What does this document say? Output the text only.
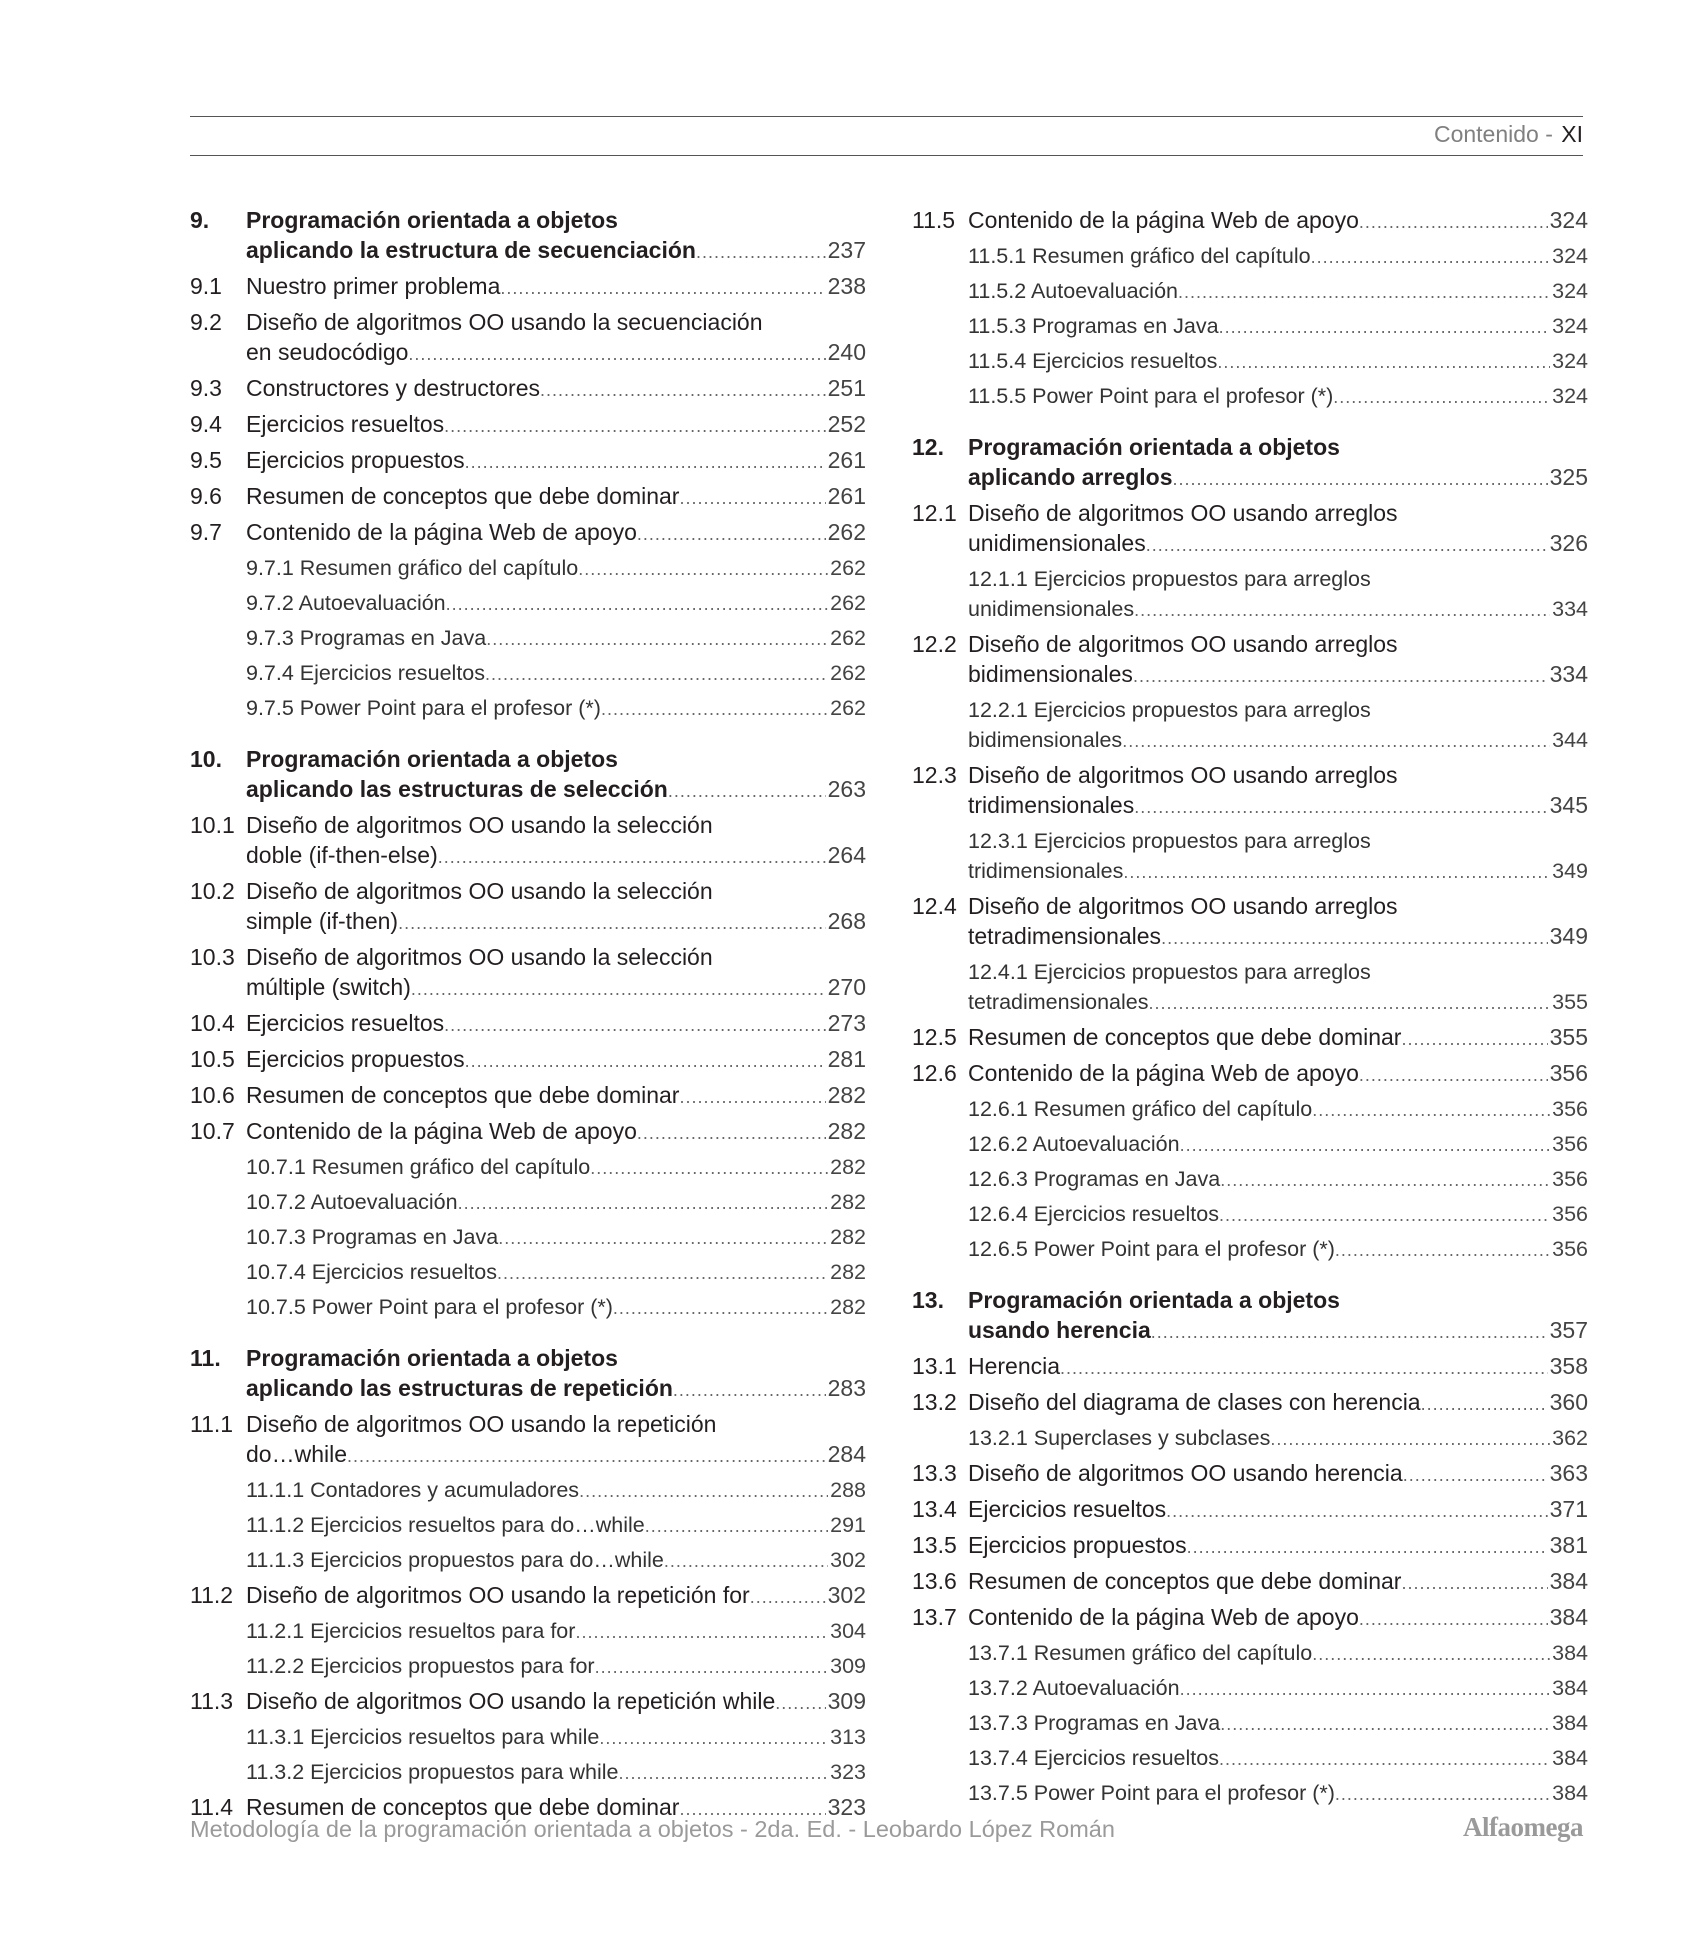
Contenido - XI
9. Programación orientada a objetos
aplicando la estructura de secuenciación .....	237
9.1 Nuestro primer problema .....	238
9.2 Diseño de algoritmos OO usando la secuenciación
en seudocódigo .....	240
9.3 Constructores y destructores .....	251
9.4 Ejercicios resueltos .....	252
9.5 Ejercicios propuestos .....	261
9.6 Resumen de conceptos que debe dominar .....	261
9.7 Contenido de la página Web de apoyo .....	262
9.7.1 Resumen gráfico del capítulo .....	262
9.7.2 Autoevaluación .....	262
9.7.3 Programas en Java .....	262
9.7.4 Ejercicios resueltos .....	262
9.7.5 Power Point para el profesor (*) .....	262
10. Programación orientada a objetos
aplicando las estructuras de selección .....	263
10.1 Diseño de algoritmos OO usando la selección
doble (if-then-else) .....	264
10.2 Diseño de algoritmos OO usando la selección
simple (if-then) .....	268
10.3 Diseño de algoritmos OO usando la selección
múltiple (switch) .....	270
10.4 Ejercicios resueltos .....	273
10.5 Ejercicios propuestos .....	281
10.6 Resumen de conceptos que debe dominar .....	282
10.7 Contenido de la página Web de apoyo .....	282
10.7.1 Resumen gráfico del capítulo .....	282
10.7.2 Autoevaluación .....	282
10.7.3 Programas en Java .....	282
10.7.4 Ejercicios resueltos .....	282
10.7.5 Power Point para el profesor (*) .....	282
11. Programación orientada a objetos
aplicando las estructuras de repetición .....	283
11.1 Diseño de algoritmos OO usando la repetición
do…while .....	284
11.1.1 Contadores y acumuladores .....	288
11.1.2 Ejercicios resueltos para do…while .....	291
11.1.3 Ejercicios propuestos para do…while .....	302
11.2 Diseño de algoritmos OO usando la repetición for .....	302
11.2.1 Ejercicios resueltos para for .....	304
11.2.2 Ejercicios propuestos para for .....	309
11.3 Diseño de algoritmos OO usando la repetición while ..... 309
11.3.1 Ejercicios resueltos para while .....	313
11.3.2 Ejercicios propuestos para while .....	323
11.4 Resumen de conceptos que debe dominar .....	323
11.5 Contenido de la página Web de apoyo .....	324
11.5.1 Resumen gráfico del capítulo .....	324
11.5.2 Autoevaluación .....	324
11.5.3 Programas en Java .....	324
11.5.4 Ejercicios resueltos .....	324
11.5.5 Power Point para el profesor (*) .....	324
12. Programación orientada a objetos
aplicando arreglos .....	325
12.1 Diseño de algoritmos OO usando arreglos
unidimensionales .....	326
12.1.1 Ejercicios propuestos para arreglos
unidimensionales .....	334
12.2 Diseño de algoritmos OO usando arreglos
bidimensionales .....	334
12.2.1 Ejercicios propuestos para arreglos
bidimensionales .....	344
12.3 Diseño de algoritmos OO usando arreglos
tridimensionales .....	345
12.3.1 Ejercicios propuestos para arreglos
tridimensionales .....	349
12.4 Diseño de algoritmos OO usando arreglos
tetradimensionales .....	349
12.4.1 Ejercicios propuestos para arreglos
tetradimensionales .....	355
12.5 Resumen de conceptos que debe dominar .....	355
12.6 Contenido de la página Web de apoyo .....	356
12.6.1 Resumen gráfico del capítulo .....	356
12.6.2 Autoevaluación .....	356
12.6.3 Programas en Java .....	356
12.6.4 Ejercicios resueltos .....	356
12.6.5 Power Point para el profesor (*) .....	356
13. Programación orientada a objetos
usando herencia .....	357
13.1 Herencia .....	358
13.2 Diseño del diagrama de clases con herencia .....	360
13.2.1 Superclases y subclases .....	362
13.3 Diseño de algoritmos OO usando herencia .....	363
13.4 Ejercicios resueltos .....	371
13.5 Ejercicios propuestos .....	381
13.6 Resumen de conceptos que debe dominar .....	384
13.7 Contenido de la página Web de apoyo .....	384
13.7.1 Resumen gráfico del capítulo .....	384
13.7.2 Autoevaluación .....	384
13.7.3 Programas en Java .....	384
13.7.4 Ejercicios resueltos .....	384
13.7.5 Power Point para el profesor (*) .....	384
Metodología de la programación orientada a objetos - 2da. Ed. - Leobardo López Román	Alfaomega
